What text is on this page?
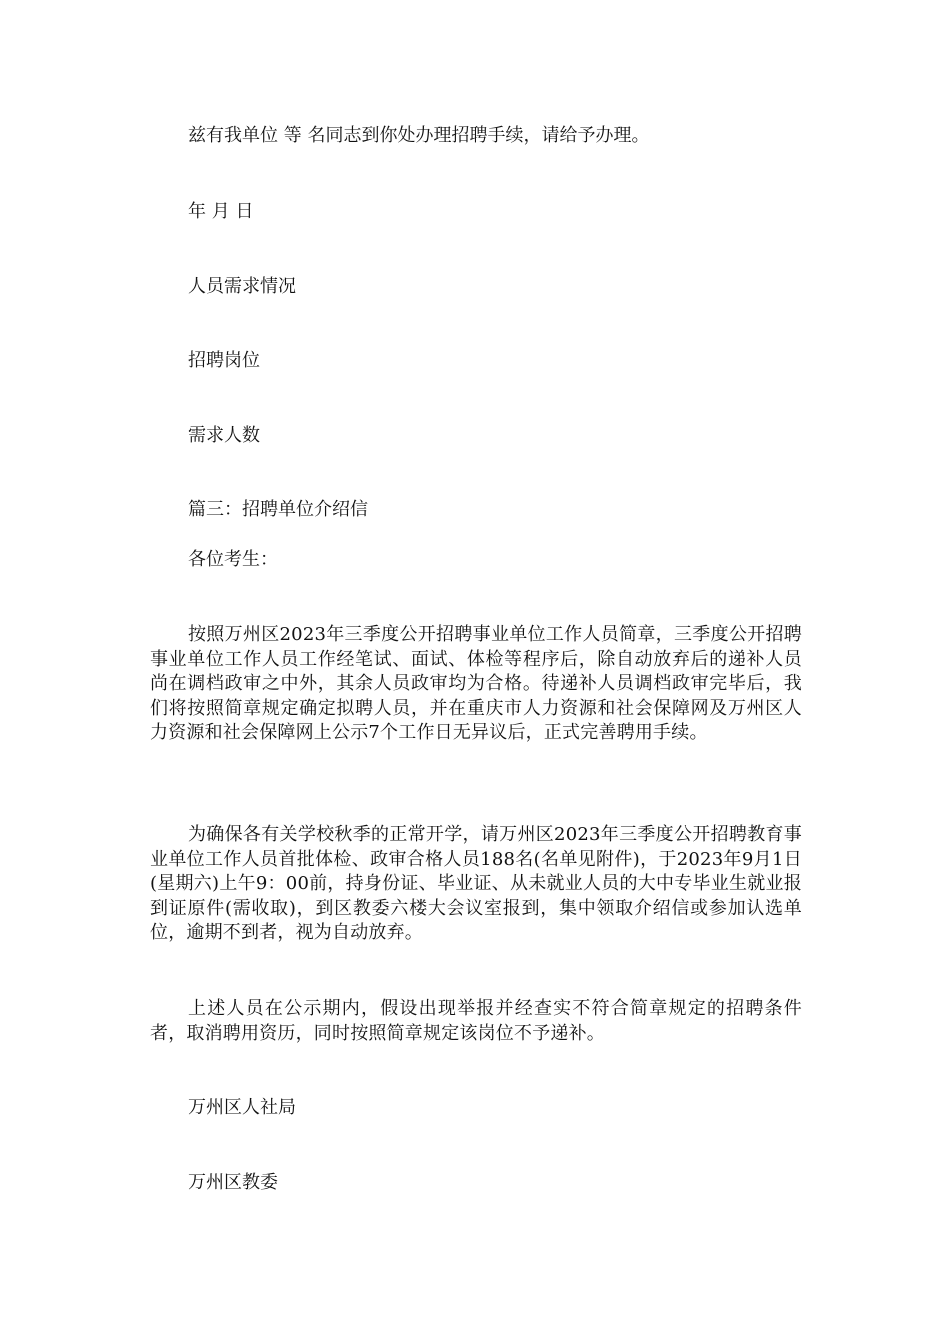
兹有我单位 等 名同志到你处办理招聘手续，请给予办理。
年 月 日
人员需求情况
招聘岗位
需求人数
篇三：招聘单位介绍信
各位考生：
按照万州区2023年三季度公开招聘事业单位工作人员简章，三季度公开招聘事业单位工作人员工作经笔试、面试、体检等程序后，除自动放弃后的递补人员尚在调档政审之中外，其余人员政审均为合格。待递补人员调档政审完毕后，我们将按照简章规定确定拟聘人员，并在重庆市人力资源和社会保障网及万州区人力资源和社会保障网上公示7个工作日无异议后，正式完善聘用手续。
为确保各有关学校秋季的正常开学，请万州区2023年三季度公开招聘教育事业单位工作人员首批体检、政审合格人员188名(名单见附件)，于2023年9月1日(星期六)上午9：00前，持身份证、毕业证、从未就业人员的大中专毕业生就业报到证原件(需收取)，到区教委六楼大会议室报到，集中领取介绍信或参加认选单位，逾期不到者，视为自动放弃。
上述人员在公示期内，假设出现举报并经查实不符合简章规定的招聘条件者，取消聘用资历，同时按照简章规定该岗位不予递补。
万州区人社局
万州区教委
